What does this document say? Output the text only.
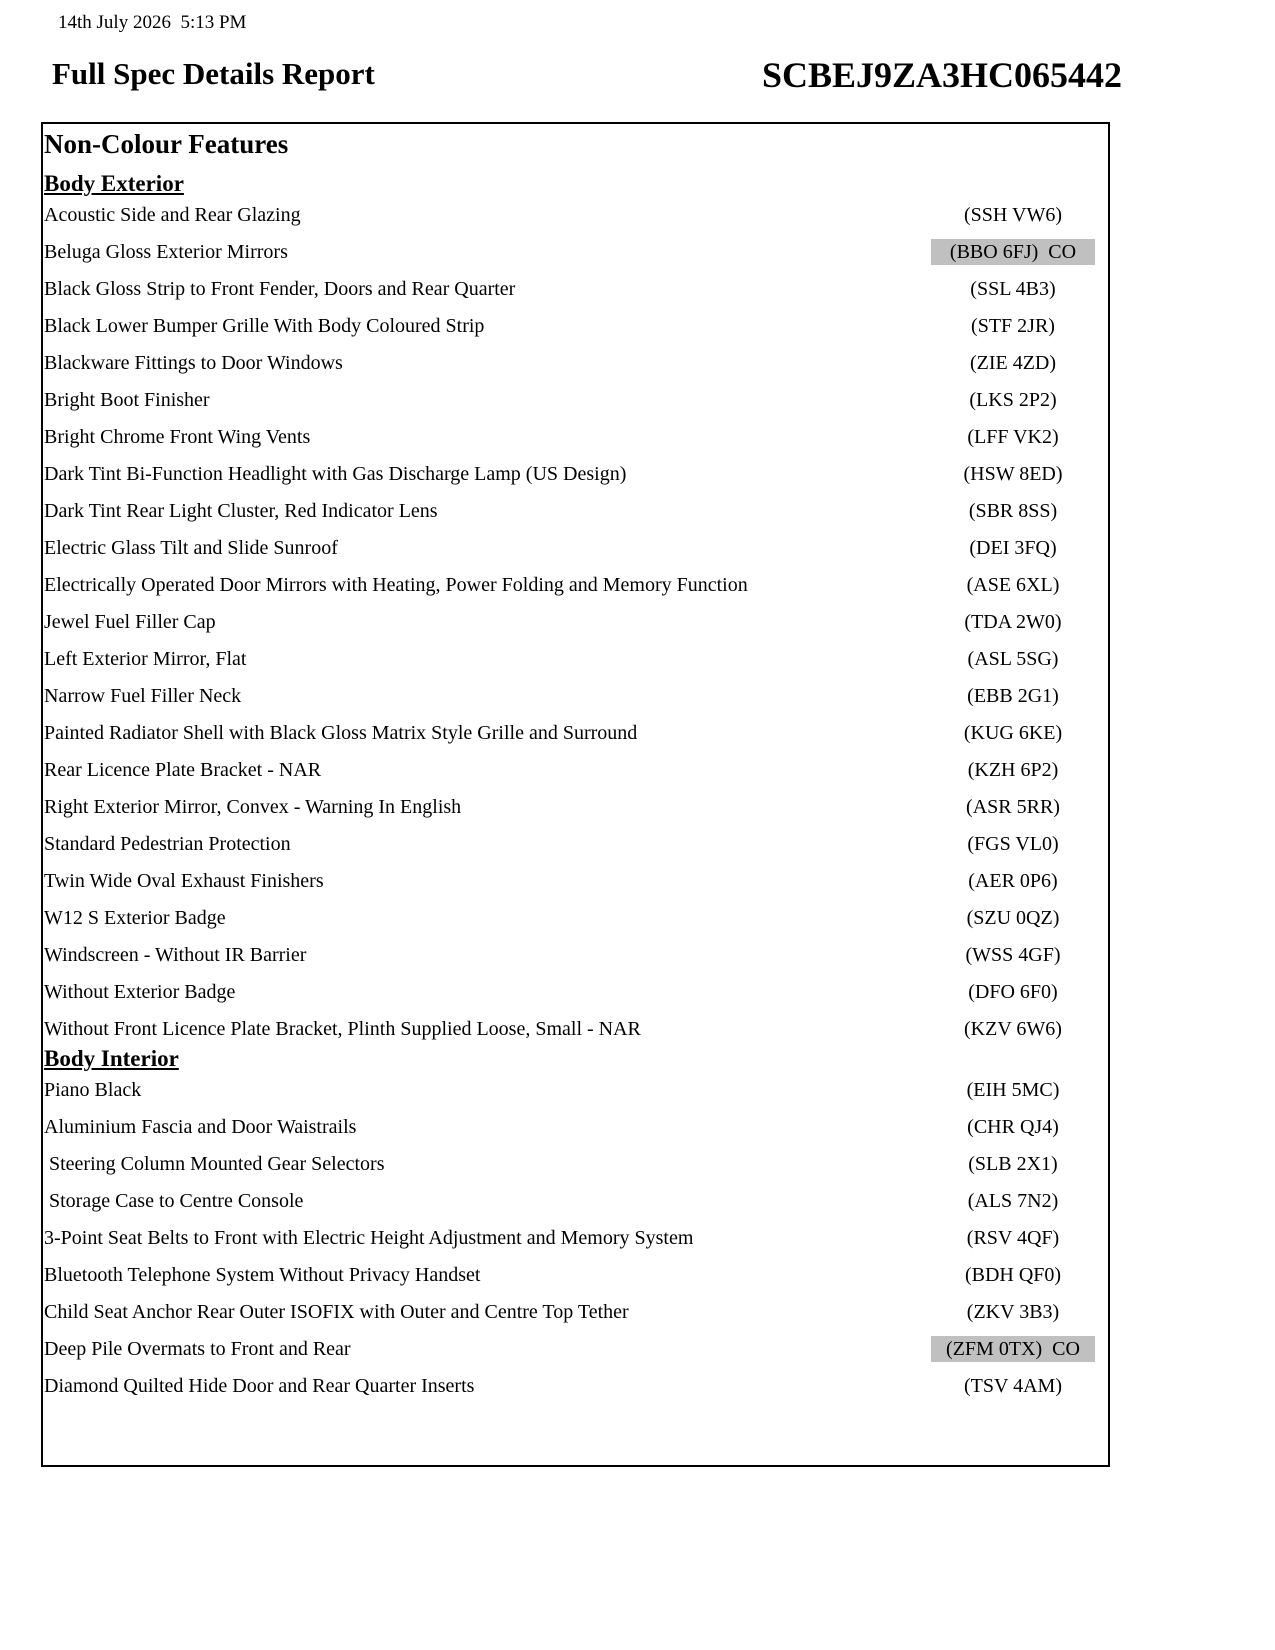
14th July 2026  5:13 PM
Full Spec Details Report	SCBEJ9ZA3HC065442
Non-Colour Features
Body Exterior
Acoustic Side and Rear Glazing	(SSH VW6)
Beluga Gloss Exterior Mirrors	(BBO 6FJ) CO
Black Gloss Strip to Front Fender, Doors and Rear Quarter	(SSL 4B3)
Black Lower Bumper Grille With Body Coloured Strip	(STF 2JR)
Blackware Fittings to Door Windows	(ZIE 4ZD)
Bright Boot Finisher	(LKS 2P2)
Bright Chrome Front Wing Vents	(LFF VK2)
Dark Tint Bi-Function Headlight with Gas Discharge Lamp (US Design)	(HSW 8ED)
Dark Tint Rear Light Cluster, Red Indicator Lens	(SBR 8SS)
Electric Glass Tilt and Slide Sunroof	(DEI 3FQ)
Electrically Operated Door Mirrors with Heating, Power Folding and Memory Function	(ASE 6XL)
Jewel Fuel Filler Cap	(TDA 2W0)
Left Exterior Mirror, Flat	(ASL 5SG)
Narrow Fuel Filler Neck	(EBB 2G1)
Painted Radiator Shell with Black Gloss Matrix Style Grille and Surround	(KUG 6KE)
Rear Licence Plate Bracket - NAR	(KZH 6P2)
Right Exterior Mirror, Convex - Warning In English	(ASR 5RR)
Standard Pedestrian Protection	(FGS VL0)
Twin Wide Oval Exhaust Finishers	(AER 0P6)
W12 S Exterior Badge	(SZU 0QZ)
Windscreen - Without IR Barrier	(WSS 4GF)
Without Exterior Badge	(DFO 6F0)
Without Front Licence Plate Bracket, Plinth Supplied Loose, Small - NAR	(KZV 6W6)
Body Interior
Piano Black	(EIH 5MC)
Aluminium Fascia and Door Waistrails	(CHR QJ4)
Steering Column Mounted Gear Selectors	(SLB 2X1)
Storage Case to Centre Console	(ALS 7N2)
3-Point Seat Belts to Front with Electric Height Adjustment and Memory System	(RSV 4QF)
Bluetooth Telephone System Without Privacy Handset	(BDH QF0)
Child Seat Anchor Rear Outer ISOFIX with Outer and Centre Top Tether	(ZKV 3B3)
Deep Pile Overmats to Front and Rear	(ZFM 0TX) CO
Diamond Quilted Hide Door and Rear Quarter Inserts	(TSV 4AM)
